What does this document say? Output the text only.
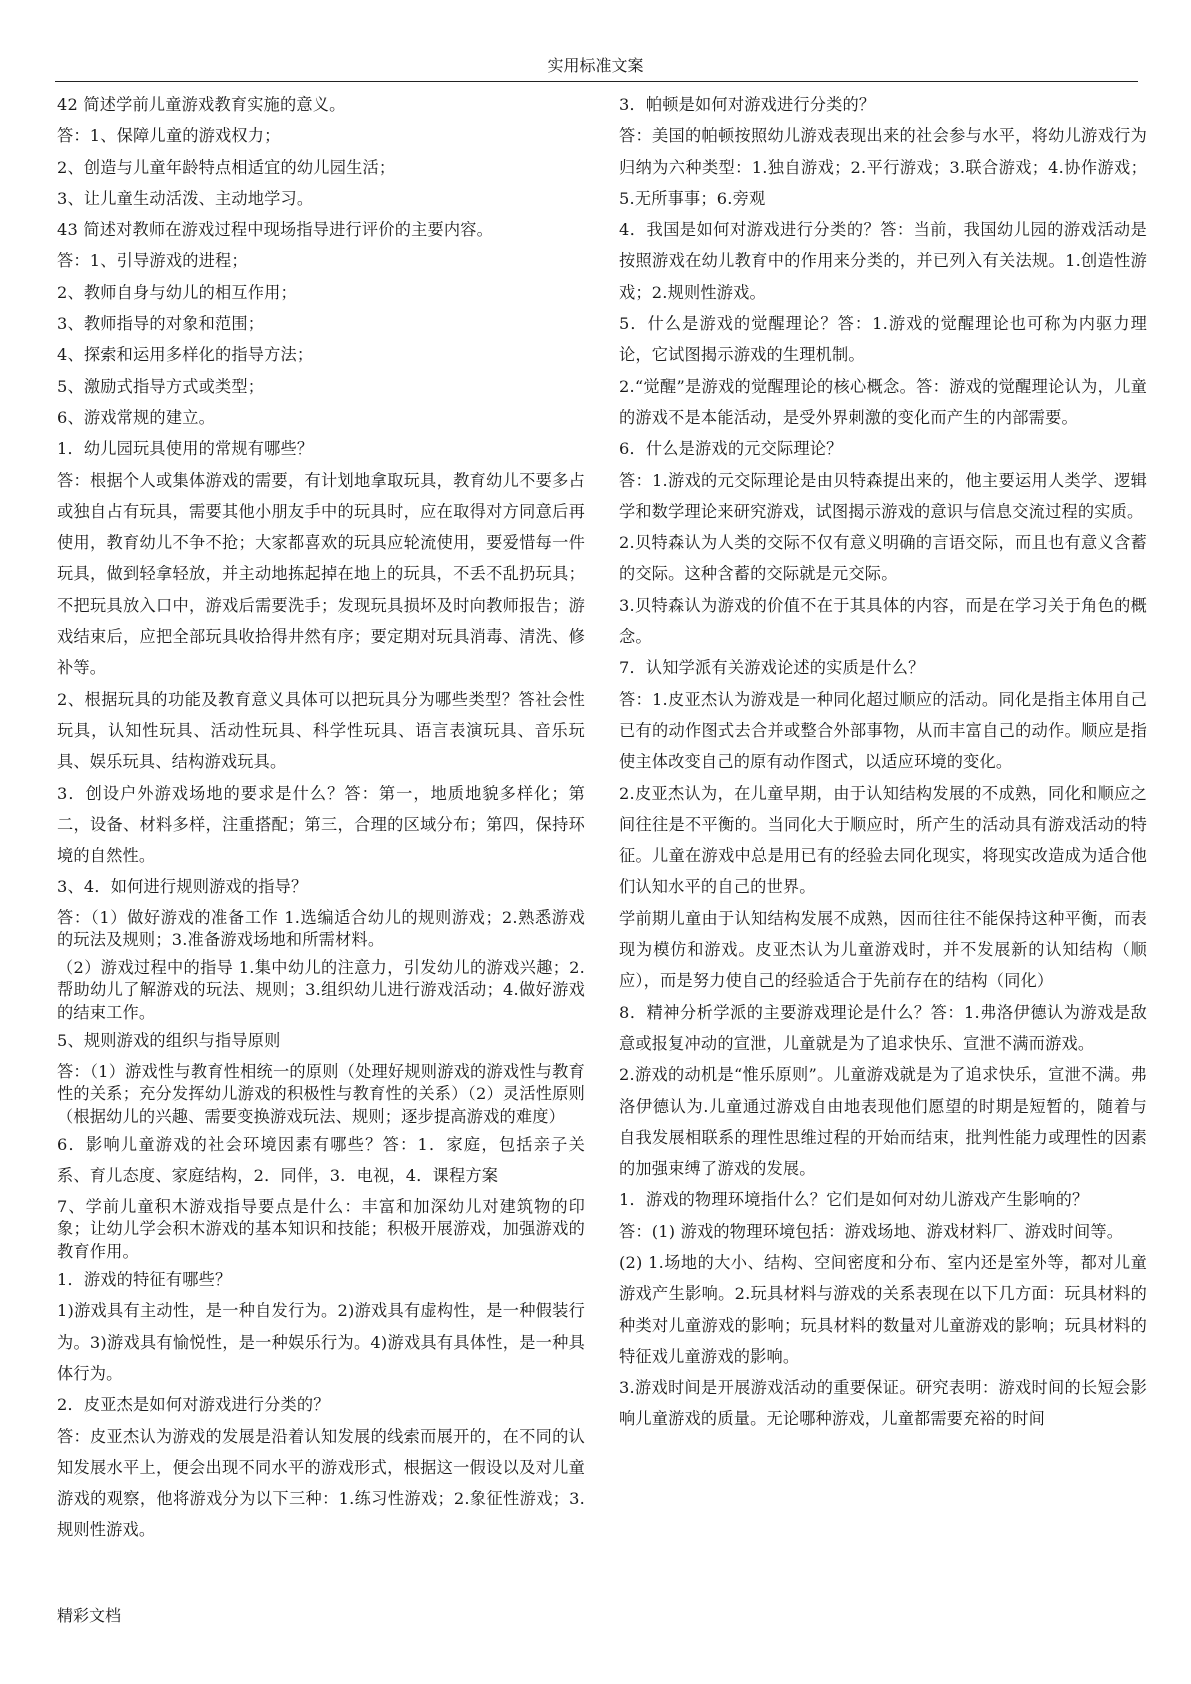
实用标准文案

42 简述学前儿童游戏教育实施的意义。

答：1、保障儿童的游戏权力；

2、创造与儿童年龄特点相适宜的幼儿园生活；

3、让儿童生动活泼、主动地学习。

43 简述对教师在游戏过程中现场指导进行评价的主要内容。

答：1、引导游戏的进程；

2、教师自身与幼儿的相互作用；

3、教师指导的对象和范围；

4、探索和运用多样化的指导方法；

5、激励式指导方式或类型；

6、游戏常规的建立。

1．幼儿园玩具使用的常规有哪些？

答：根据个人或集体游戏的需要，有计划地拿取玩具，教育幼儿不要多占或独自占有玩具，需要其他小朋友手中的玩具时，应在取得对方同意后再使用，教育幼儿不争不抢；大家都喜欢的玩具应轮流使用，要爱惜每一件玩具，做到轻拿轻放，并主动地拣起掉在地上的玩具，不丢不乱扔玩具；不把玩具放入口中，游戏后需要洗手；发现玩具损坏及时向教师报告；游戏结束后，应把全部玩具收拾得井然有序；要定期对玩具消毒、清洗、修补等。

2、根据玩具的功能及教育意义具体可以把玩具分为哪些类型？答社会性玩具，认知性玩具、活动性玩具、科学性玩具、语言表演玩具、音乐玩具、娱乐玩具、结构游戏玩具。

3．创设户外游戏场地的要求是什么？答：第一，地质地貌多样化；第二，设备、材料多样，注重搭配；第三，合理的区域分布；第四，保持环境的自然性。

3、4．如何进行规则游戏的指导？

答：（1）做好游戏的准备工作 1.选编适合幼儿的规则游戏；2.熟悉游戏的玩法及规则；3.准备游戏场地和所需材料。

（2）游戏过程中的指导 1.集中幼儿的注意力，引发幼儿的游戏兴趣；2.帮助幼儿了解游戏的玩法、规则；3.组织幼儿进行游戏活动；4.做好游戏的结束工作。

5、规则游戏的组织与指导原则

答：（1）游戏性与教育性相统一的原则（处理好规则游戏的游戏性与教育性的关系；充分发挥幼儿游戏的积极性与教育性的关系）（2）灵活性原则（根据幼儿的兴趣、需要变换游戏玩法、规则；逐步提高游戏的难度）

6．影响儿童游戏的社会环境因素有哪些？答：1．家庭，包括亲子关系、育儿态度、家庭结构，2．同伴，3．电视，4．课程方案

7、学前儿童积木游戏指导要点是什么：丰富和加深幼儿对建筑物的印象；让幼儿学会积木游戏的基本知识和技能；积极开展游戏，加强游戏的教育作用。

1．游戏的特征有哪些？

1)游戏具有主动性，是一种自发行为。2)游戏具有虚构性，是一种假装行为。3)游戏具有愉悦性，是一种娱乐行为。4)游戏具有具体性，是一种具体行为。

2．皮亚杰是如何对游戏进行分类的？

答：皮亚杰认为游戏的发展是沿着认知发展的线索而展开的，在不同的认知发展水平上，便会出现不同水平的游戏形式，根据这一假设以及对儿童游戏的观察，他将游戏分为以下三种：1.练习性游戏；2.象征性游戏；3.规则性游戏。

3．帕顿是如何对游戏进行分类的？

答：美国的帕顿按照幼儿游戏表现出来的社会参与水平，将幼儿游戏行为归纳为六种类型：1.独自游戏；2.平行游戏；3.联合游戏；4.协作游戏；5.无所事事；6.旁观

4．我国是如何对游戏进行分类的？答：当前，我国幼儿园的游戏活动是按照游戏在幼儿教育中的作用来分类的，并已列入有关法规。1.创造性游戏；2.规则性游戏。

5．什么是游戏的觉醒理论？答：1.游戏的觉醒理论也可称为内驱力理论，它试图揭示游戏的生理机制。

2.“觉醒”是游戏的觉醒理论的核心概念。答：游戏的觉醒理论认为，儿童的游戏不是本能活动，是受外界刺激的变化而产生的内部需要。

6．什么是游戏的元交际理论？

答：1.游戏的元交际理论是由贝特森提出来的，他主要运用人类学、逻辑学和数学理论来研究游戏，试图揭示游戏的意识与信息交流过程的实质。

2.贝特森认为人类的交际不仅有意义明确的言语交际，而且也有意义含蓄的交际。这种含蓄的交际就是元交际。

3.贝特森认为游戏的价值不在于其具体的内容，而是在学习关于角色的概念。

7．认知学派有关游戏论述的实质是什么？

答：1.皮亚杰认为游戏是一种同化超过顺应的活动。同化是指主体用自己已有的动作图式去合并或整合外部事物，从而丰富自己的动作。顺应是指使主体改变自己的原有动作图式，以适应环境的变化。

2.皮亚杰认为，在儿童早期，由于认知结构发展的不成熟，同化和顺应之间往往是不平衡的。当同化大于顺应时，所产生的活动具有游戏活动的特征。儿童在游戏中总是用已有的经验去同化现实，将现实改造成为适合他们认知水平的自己的世界。

学前期儿童由于认知结构发展不成熟，因而往往不能保持这种平衡，而表现为模仿和游戏。皮亚杰认为儿童游戏时，并不发展新的认知结构（顺应），而是努力使自己的经验适合于先前存在的结构（同化）

8．精神分析学派的主要游戏理论是什么？答：1.弗洛伊德认为游戏是敌意或报复冲动的宣泄，儿童就是为了追求快乐、宣泄不满而游戏。

2.游戏的动机是“惟乐原则”。儿童游戏就是为了追求快乐，宣泄不满。弗洛伊德认为.儿童通过游戏自由地表现他们愿望的时期是短暂的，随着与自我发展相联系的理性思维过程的开始而结束，批判性能力或理性的因素的加强束缚了游戏的发展。

1．游戏的物理环境指什么？它们是如何对幼儿游戏产生影响的？

答：(1) 游戏的物理环境包括：游戏场地、游戏材料厂、游戏时间等。

(2) 1.场地的大小、结构、空间密度和分布、室内还是室外等，都对儿童游戏产生影响。2.玩具材料与游戏的关系表现在以下几方面：玩具材料的种类对儿童游戏的影响；玩具材料的数量对儿童游戏的影响；玩具材料的特征戏儿童游戏的影响。

3.游戏时间是开展游戏活动的重要保证。研究表明：游戏时间的长短会影响儿童游戏的质量。无论哪种游戏，儿童都需要充裕的时间

精彩文档
